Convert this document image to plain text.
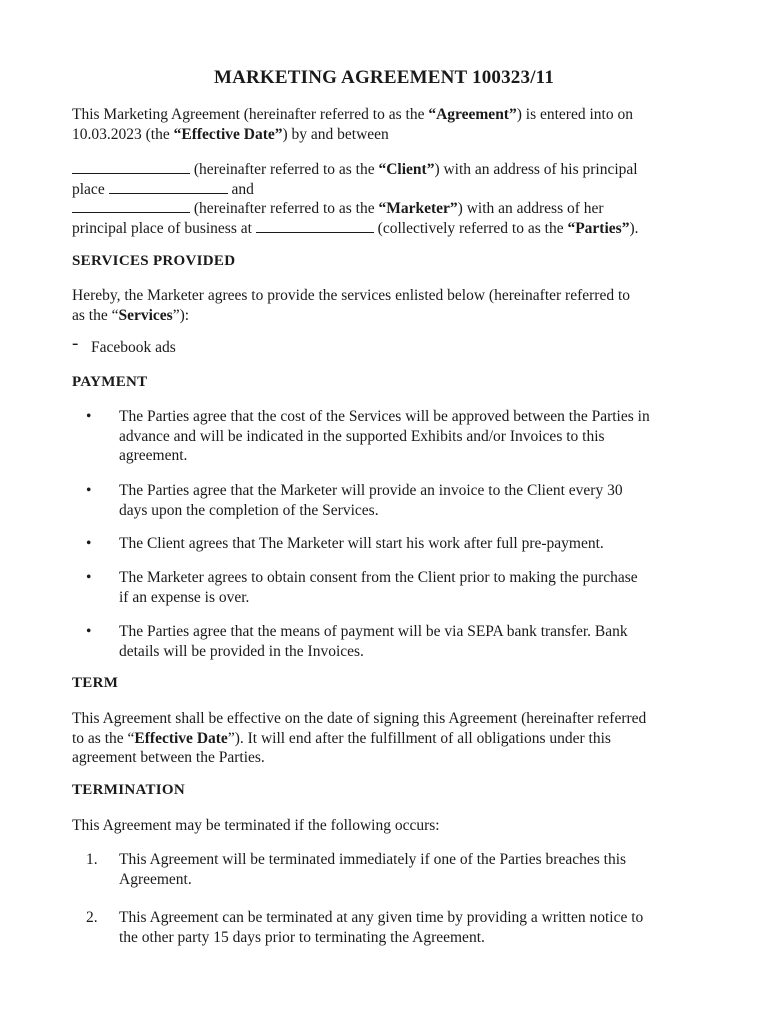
MARKETING AGREEMENT 100323/11

This Marketing Agreement (hereinafter referred to as the “Agreement”) is entered into on
10.03.2023 (the “Effective Date”) by and between

(hereinafter referred to as the “Client”) with an address of his principal
place	and
(hereinafter referred to as the “Marketer”) with an address of her
principal place of business at	(collectively referred to as the “Parties”).

SERVICES PROVIDED

Hereby, the Marketer agrees to provide the services enlisted below (hereinafter referred to
as the “Services”):

- Facebook ads
PAYMENT
• The Parties agree that the cost of the Services will be approved between the Parties in
advance and will be indicated in the supported Exhibits and/or Invoices to this
agreement.
• The Parties agree that the Marketer will provide an invoice to the Client every 30
days upon the completion of the Services.
• The Client agrees that The Marketer will start his work after full pre-payment.
• The Marketer agrees to obtain consent from the Client prior to making the purchase
if an expense is over.
• The Parties agree that the means of payment will be via SEPA bank transfer. Bank
details will be provided in the Invoices.
TERM

This Agreement shall be effective on the date of signing this Agreement (hereinafter referred
to as the “Effective Date”). It will end after the fulfillment of all obligations under this
agreement between the Parties.

TERMINATION

This Agreement may be terminated if the following occurs:

1. This Agreement will be terminated immediately if one of the Parties breaches this
Agreement.
2. This Agreement can be terminated at any given time by providing a written notice to
the other party 15 days prior to terminating the Agreement.
